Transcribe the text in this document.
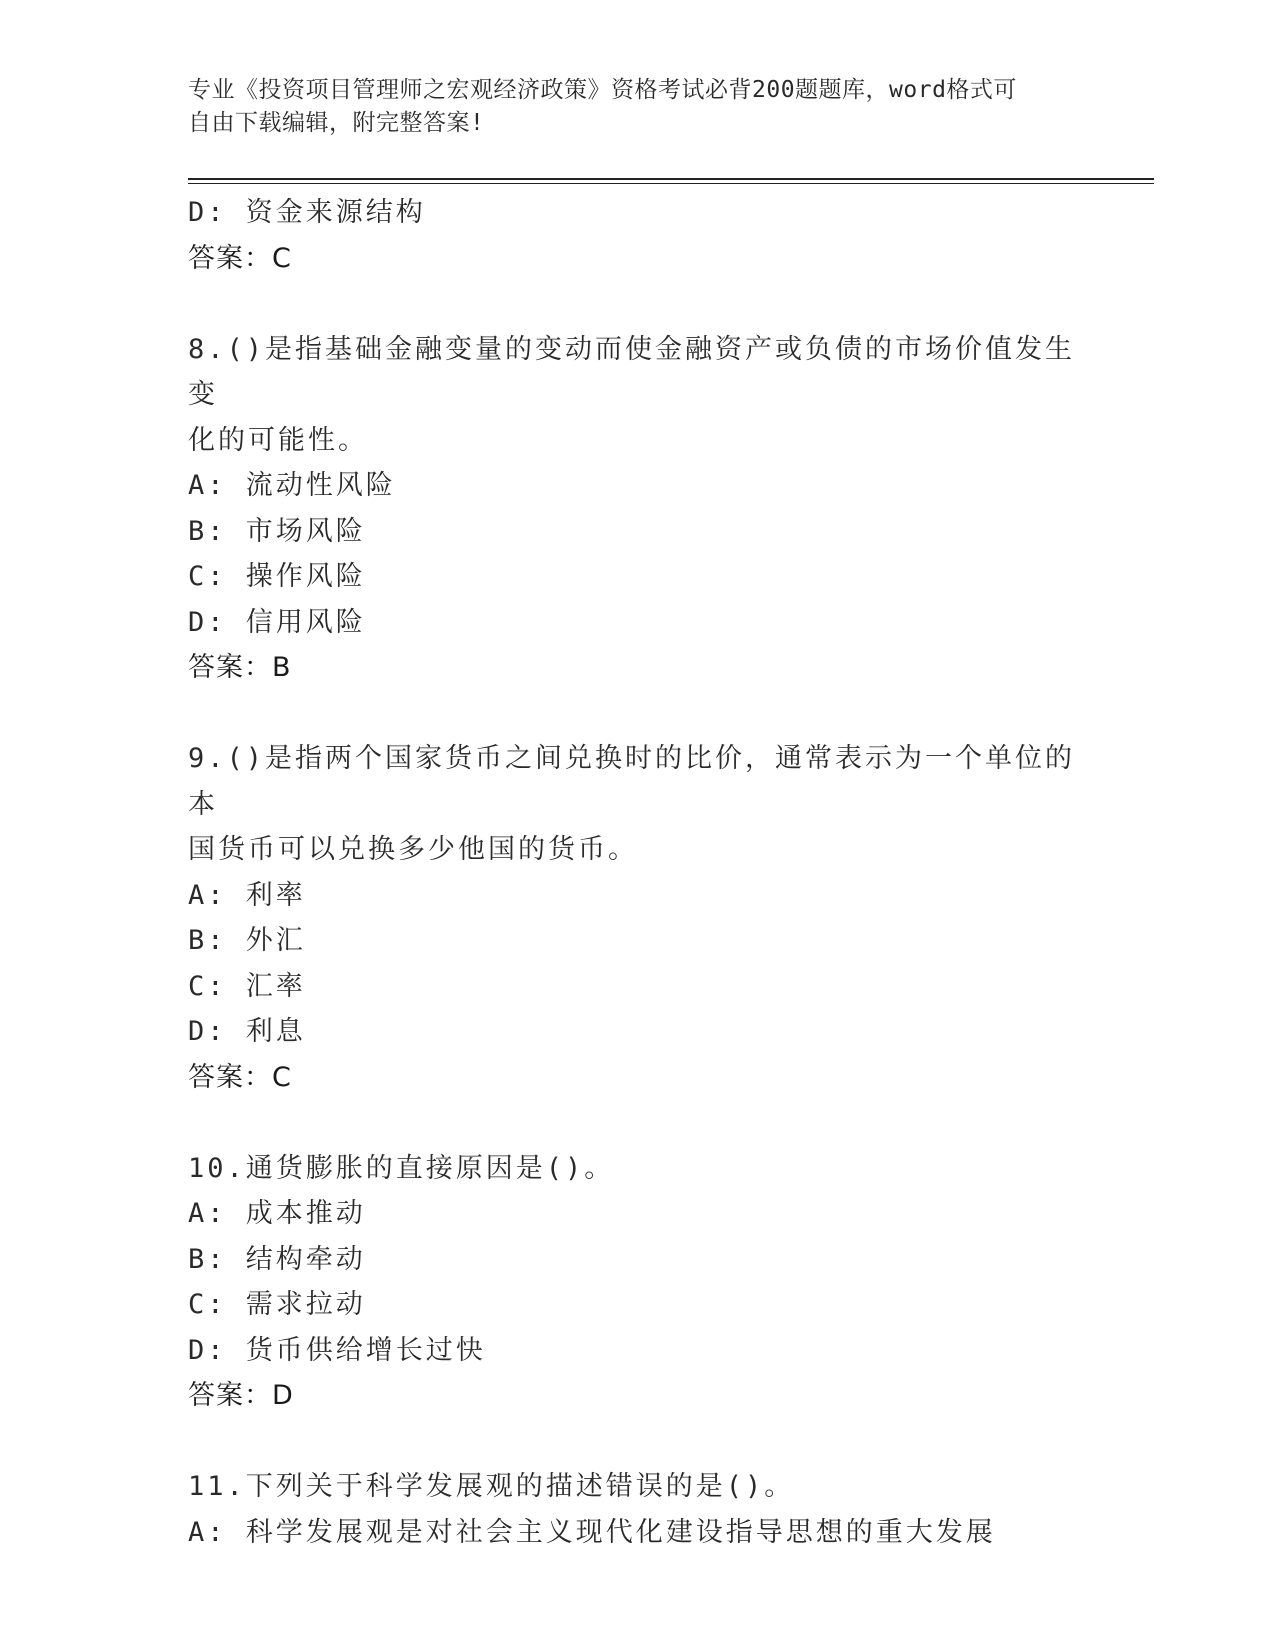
专业《投资项目管理师之宏观经济政策》资格考试必背200题题库，word格式可
自由下载编辑，附完整答案!
D: 资金来源结构
答案：C
8.()是指基础金融变量的变动而使金融资产或负债的市场价值发生变
化的可能性。
A: 流动性风险
B: 市场风险
C: 操作风险
D: 信用风险
答案：B
9.()是指两个国家货币之间兑换时的比价，通常表示为一个单位的本
国货币可以兑换多少他国的货币。
A: 利率
B: 外汇
C: 汇率
D: 利息
答案：C
10.通货膨胀的直接原因是()。
A: 成本推动
B: 结构牵动
C: 需求拉动
D: 货币供给增长过快
答案：D
11.下列关于科学发展观的描述错误的是()。
A: 科学发展观是对社会主义现代化建设指导思想的重大发展
